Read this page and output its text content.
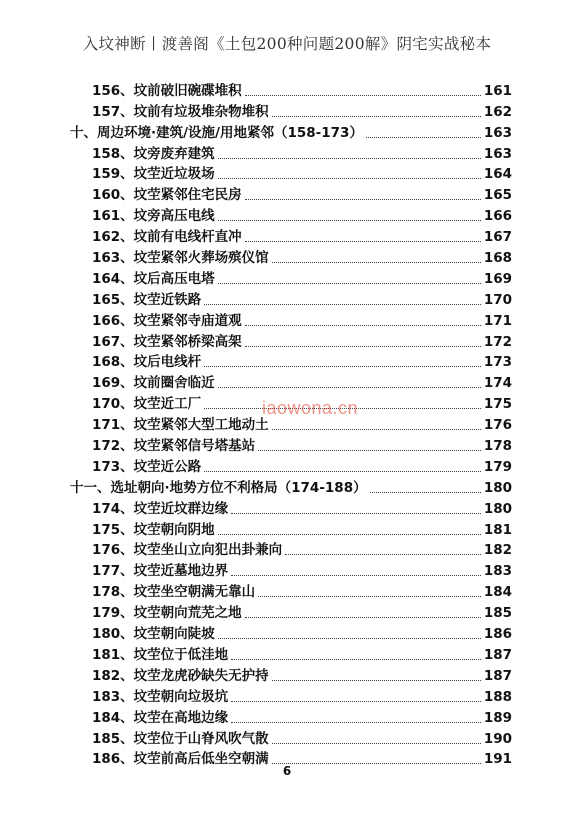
入坟神断丨渡善阁《土包200种问题200解》阴宅实战秘本
156、坟前破旧碗碟堆积	161
157、坟前有垃圾堆杂物堆积	162
十、周边环境·建筑/设施/用地紧邻（158-173）	163
158、坟旁废弃建筑	163
159、坟茔近垃圾场	164
160、坟茔紧邻住宅民房	165
161、坟旁高压电线	166
162、坟前有电线杆直冲	167
163、坟茔紧邻火葬场殡仪馆	168
164、坟后高压电塔	169
165、坟茔近铁路	170
166、坟茔紧邻寺庙道观	171
167、坟茔紧邻桥梁高架	172
168、坟后电线杆	173
169、坟前圈舍临近	174
170、坟茔近工厂	175
171、坟茔紧邻大型工地动土	176
172、坟茔紧邻信号塔基站	178
173、坟茔近公路	179
十一、选址朝向·地势方位不利格局（174-188）	180
174、坟茔近坟群边缘	180
175、坟茔朝向阴地	181
176、坟茔坐山立向犯出卦兼向	182
177、坟茔近墓地边界	183
178、坟茔坐空朝满无靠山	184
179、坟茔朝向荒芜之地	185
180、坟茔朝向陡坡	186
181、坟茔位于低洼地	187
182、坟茔龙虎砂缺失无护持	187
183、坟茔朝向垃圾坑	188
184、坟茔在高地边缘	189
185、坟茔位于山脊风吹气散	190
186、坟茔前高后低坐空朝满	191
iaowona.cn
6
